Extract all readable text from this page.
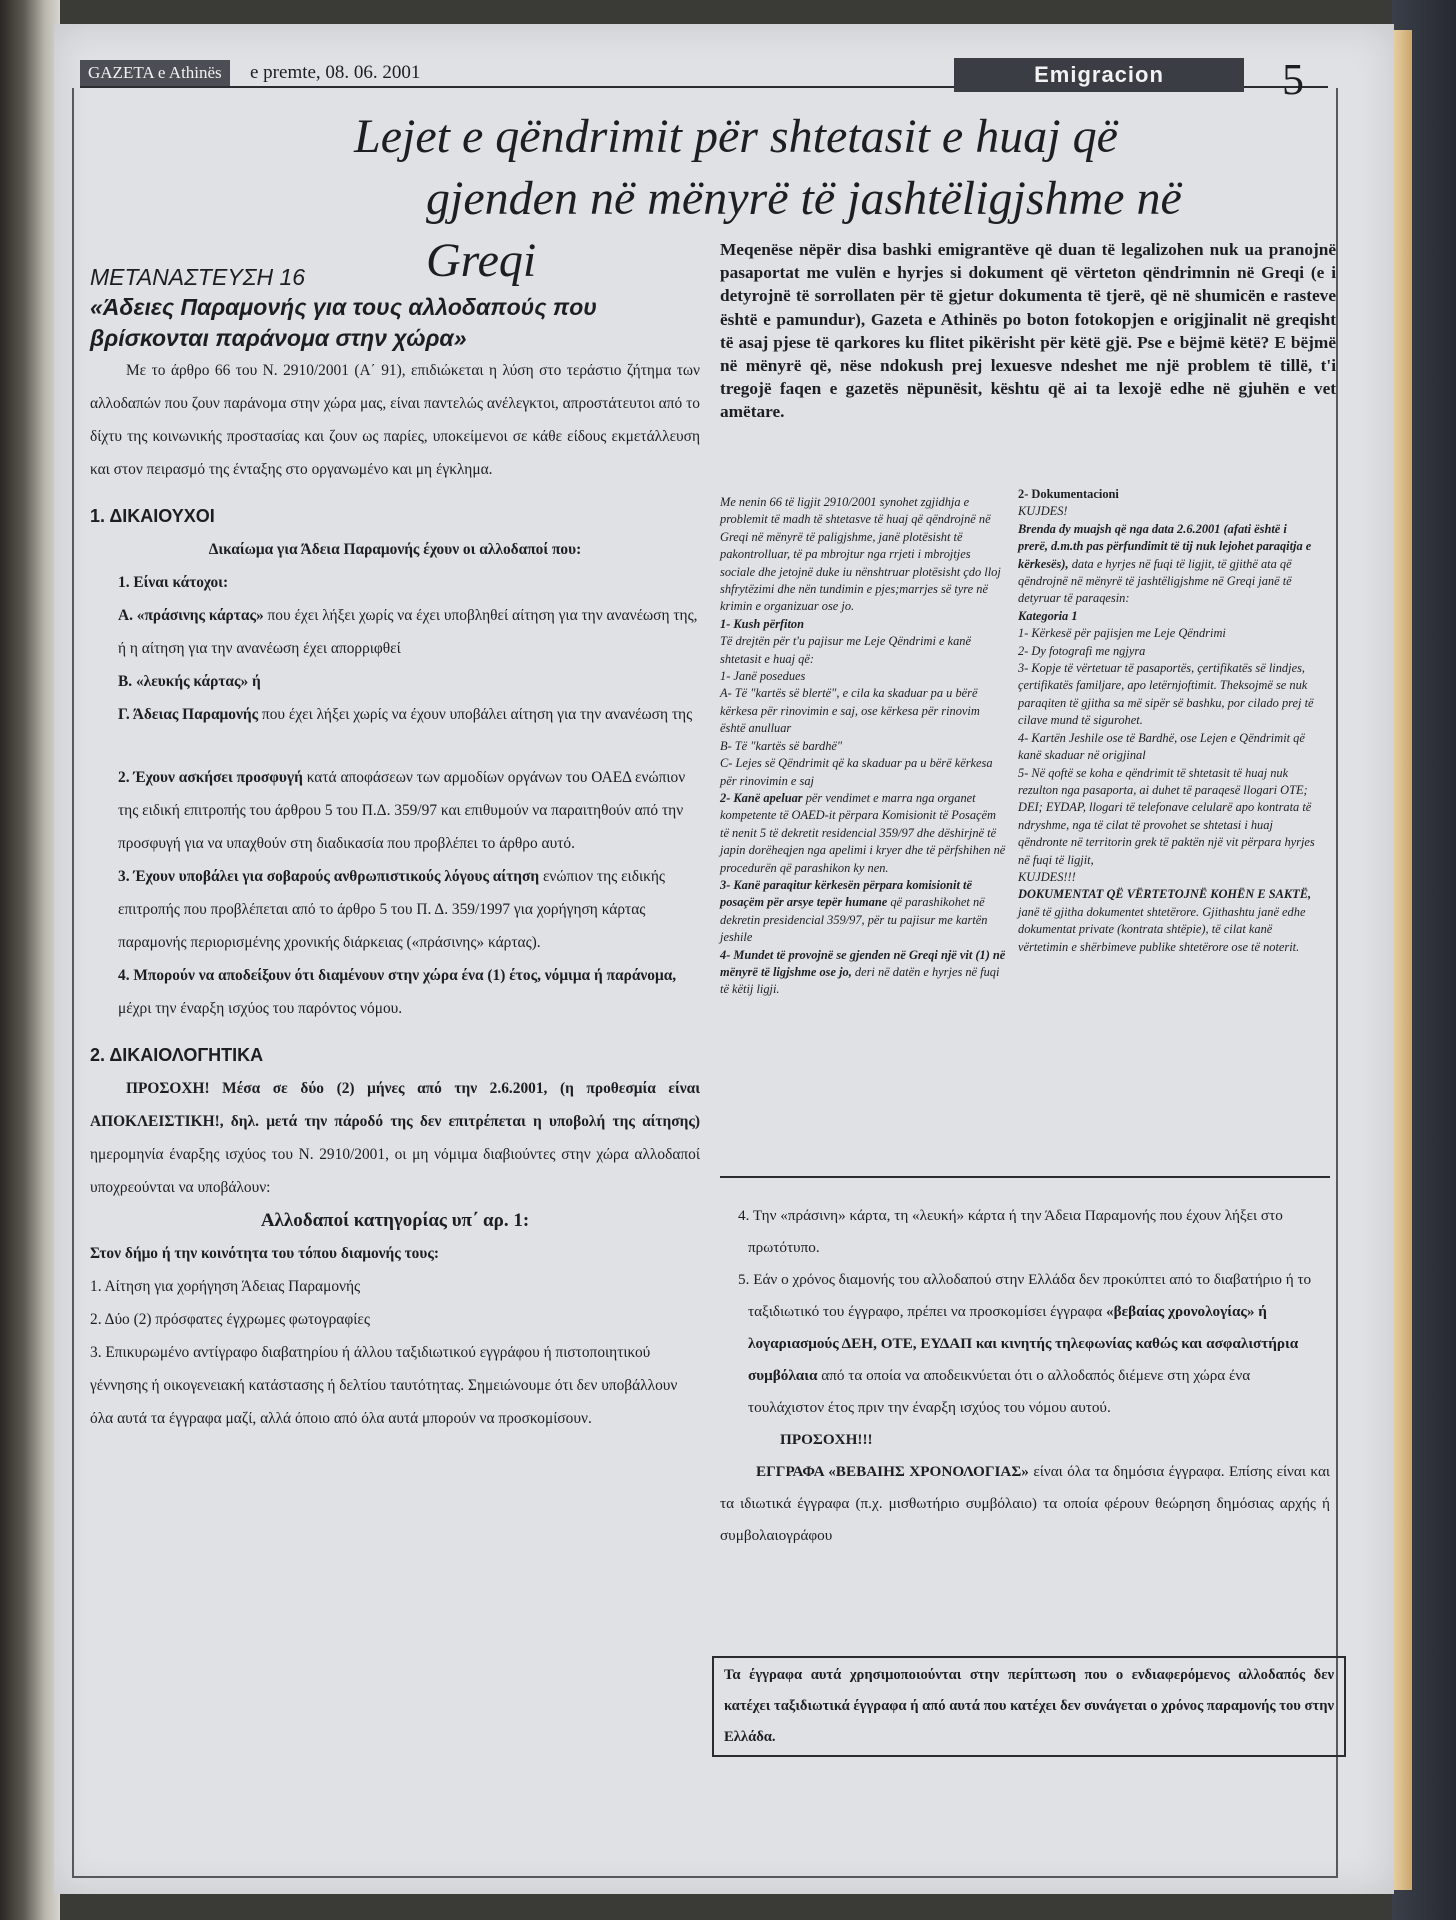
GAZETA e Athinës	e premte, 08. 06. 2001	Emigracion	5
Lejet e qëndrimit për shtetasit e huaj që
gjenden në mënyrë të jashtëligjshme në Greqi
ΜΕΤΑΝΑΣΤΕΥΣΗ 16
«Άδειες Παραμονής για τους αλλοδαπούς που βρίσκονται παράνομα στην χώρα»

Με το άρθρο 66 του Ν. 2910/2001 (Α΄ 91), επιδιώκεται η λύση στο τεράστιο ζήτημα των αλλοδαπών που ζουν παράνομα στην χώρα μας, είναι παντελώς ανέλεγκτοι, απροστάτευτοι από το δίχτυ της κοινωνικής προστασίας και ζουν ως παρίες, υποκείμενοι σε κάθε είδους εκμετάλλευση και στον πειρασμό της ένταξης στο οργανωμένο και μη έγκλημα.

1. ΔΙΚΑΙΟΥΧΟΙ
Δικαίωμα για Άδεια Παραμονής έχουν οι αλλοδαποί που:
1. Είναι κάτοχοι:
Α. «πράσινης κάρτας» που έχει λήξει χωρίς να έχει υποβληθεί αίτηση για την ανανέωση της, ή η αίτηση για την ανανέωση έχει απορριφθεί
Β. «λευκής κάρτας» ή
Γ. Άδειας Παραμονής που έχει λήξει χωρίς να έχουν υποβάλει αίτηση για την ανανέωση της
2. Έχουν ασκήσει προσφυγή κατά αποφάσεων των αρμοδίων οργάνων του ΟΑΕΔ ενώπιον της ειδική επιτροπής του άρθρου 5 του Π.Δ. 359/97 και επιθυμούν να παραιτηθούν από την προσφυγή για να υπαχθούν στη διαδικασία που προβλέπει το άρθρο αυτό.
3. Έχουν υποβάλει για σοβαρούς ανθρωπιστικούς λόγους αίτηση ενώπιον της ειδικής επιτροπής που προβλέπεται από το άρθρο 5 του Π. Δ. 359/1997 για χορήγηση κάρτας παραμονής περιορισμένης χρονικής διάρκειας («πράσινης» κάρτας).
4. Μπορούν να αποδείξουν ότι διαμένουν στην χώρα ένα (1) έτος, νόμιμα ή παράνομα, μέχρι την έναρξη ισχύος του παρόντος νόμου.
2. ΔΙΚΑΙΟΛΟΓΗΤΙΚΑ

ΠΡΟΣΟΧΗ! Μέσα σε δύο (2) μήνες από την 2.6.2001, (η προθεσμία είναι ΑΠΟΚΛΕΙΣΤΙΚΗ!, δηλ. μετά την πάροδό της δεν επιτρέπεται η υποβολή της αίτησης) ημερομηνία έναρξης ισχύος του Ν. 2910/2001, οι μη νόμιμα διαβιούντες στην χώρα αλλοδαποί υποχρεούνται να υποβάλουν:

Αλλοδαποί κατηγορίας υπ΄ αρ. 1:
Στον δήμο ή την κοινότητα του τόπου διαμονής τους:
1. Αίτηση για χορήγηση Άδειας Παραμονής
2. Δύο (2) πρόσφατες έγχρωμες φωτογραφίες
3. Επικυρωμένο αντίγραφο διαβατηρίου ή άλλου ταξιδιωτικού εγγράφου ή πιστοποιητικού γέννησης ή οικογενειακή κατάστασης ή δελτίου ταυτότητας. Σημειώνουμε ότι δεν υποβάλλουν όλα αυτά τα έγγραφα μαζί, αλλά όποιο από όλα αυτά μπορούν να προσκομίσουν.
Meqenëse nëpër disa bashki emigrantëve që duan të legalizohen nuk ua pranojnë pasaportat me vulën e hyrjes si dokument që vërteton qëndrimnin në Greqi (e i detyrojnë të sorrollaten për të gjetur dokumenta të tjerë, që në shumicën e rasteve është e pamundur), Gazeta e Athinës po boton fotokopjen e origjinalit në greqisht të asaj pjese të qarkores ku flitet pikërisht për këtë gjë. Pse e bëjmë këtë? E bëjmë në mënyrë që, nëse ndokush prej lexuesve ndeshet me një problem të tillë, t'i tregojë faqen e gazetës nëpunësit, kështu që ai ta lexojë edhe në gjuhën e vet amëtare.
Me nenin 66 të ligjit 2910/2001 synohet zgjidhja e problemit të madh të shtetasve të huaj që qëndrojnë në Greqi në mënyrë të paligjshme, janë plotësisht të pakontrolluar, të pa mbrojtur nga rrjeti i mbrojtjes sociale dhe jetojnë duke iu nënshtruar plotësisht çdo lloj shfrytëzimi dhe nën tundimin e pjes;marrjes së tyre në krimin e organizuar ose jo.
1- Kush përfiton
Të drejtën për t'u pajisur me Leje Qëndrimi e kanë shtetasit e huaj që:
1- Janë posedues
A- Të "kartës së blertë", e cila ka skaduar pa u bërë kërkesa për rinovimin e saj, ose kërkesa për rinovim është anulluar
B- Të "kartës së bardhë"
C- Lejes së Qëndrimit që ka skaduar pa u bërë kërkesa për rinovimin e saj
2- Kanë apeluar për vendimet e marra nga organet kompetente të OAED-it përpara Komisionit të Posaçëm të nenit 5 të dekretit residencial 359/97 dhe dëshirjnë të japin dorëheqjen nga apelimi i kryer dhe të përfshihen në procedurën që parashikon ky nen.
3- Kanë paraqitur kërkesën përpara komisionit të posaçëm për arsye tepër humane që parashikohet në dekretin presidencial 359/97, për tu pajisur me kartën jeshile
4- Mundet të provojnë se gjenden në Greqi një vit (1) në mënyrë të ligjshme ose jo, deri në datën e hyrjes në fuqi të këtij ligji.
2- Dokumentacioni
KUJDES!
Brenda dy muajsh që nga data 2.6.2001 (afati është i prerë, d.m.th pas përfundimit të tij nuk lejohet paraqitja e kërkesës), data e hyrjes në fuqi të ligjit, të gjithë ata që qëndrojnë në mënyrë të jashtëligjshme në Greqi janë të detyruar të paraqesin:
Kategoria 1
1- Kërkesë për pajisjen me Leje Qëndrimi
2- Dy fotografi me ngjyra
3- Kopje të vërtetuar të pasaportës, çertifikatës së lindjes, çertifikatës familjare, apo letërnjoftimit. Theksojmë se nuk paraqiten të gjitha sa më sipër së bashku, por cilado prej të cilave mund të sigurohet.
4- Kartën Jeshile ose të Bardhë, ose Lejen e Qëndrimit që kanë skaduar në origjinal
5- Në qoftë se koha e qëndrimit të shtetasit të huaj nuk rezulton nga pasaporta, ai duhet të paraqesë llogari OTE; DEI; EYDAP, llogari të telefonave celularë apo kontrata të ndryshme, nga të cilat të provohet se shtetasi i huaj qëndronte në territorin grek të paktën një vit përpara hyrjes në fuqi të ligjit,
KUJDES!!!
DOKUMENTAT QË VËRTETOJNË KOHËN E SAKTË, janë të gjitha dokumentet shtetërore. Gjithashtu janë edhe dokumentat private (kontrata shtëpie), të cilat kanë vërtetimin e shërbimeve publike shtetërore ose të noterit.
4. Την «πράσινη» κάρτα, τη «λευκή» κάρτα ή την Άδεια Παραμονής που έχουν λήξει στο πρωτότυπο.
5. Εάν ο χρόνος διαμονής του αλλοδαπού στην Ελλάδα δεν προκύπτει από το διαβατήριο ή το ταξιδιωτικό του έγγραφο, πρέπει να προσκομίσει έγγραφα «βεβαίας χρονολογίας» ή λογαριασμούς ΔΕΗ, ΟΤΕ, ΕΥΔΑΠ και κινητής τηλεφωνίας καθώς και ασφαλιστήρια συμβόλαια από τα οποία να αποδεικνύεται ότι ο αλλοδαπός διέμενε στη χώρα ένα τουλάχιστον έτος πριν την έναρξη ισχύος του νόμου αυτού.
ΠΡΟΣΟΧΗ!!!

ΕΓΓΡΑΦΑ «ΒΕΒΑΙΗΣ ΧΡΟΝΟΛΟΓΙΑΣ» είναι όλα τα δημόσια έγγραφα. Επίσης είναι και τα ιδιωτικά έγγραφα (π.χ. μισθωτήριο συμβόλαιο) τα οποία φέρουν θεώρηση δημόσιας αρχής ή συμβολαιογράφου

Τα έγγραφα αυτά χρησιμοποιούνται στην περίπτωση που ο ενδιαφερόμενος αλλοδαπός δεν κατέχει ταξιδιωτικά έγγραφα ή από αυτά που κατέχει δεν συνάγεται ο χρόνος παραμονής του στην Ελλάδα.
